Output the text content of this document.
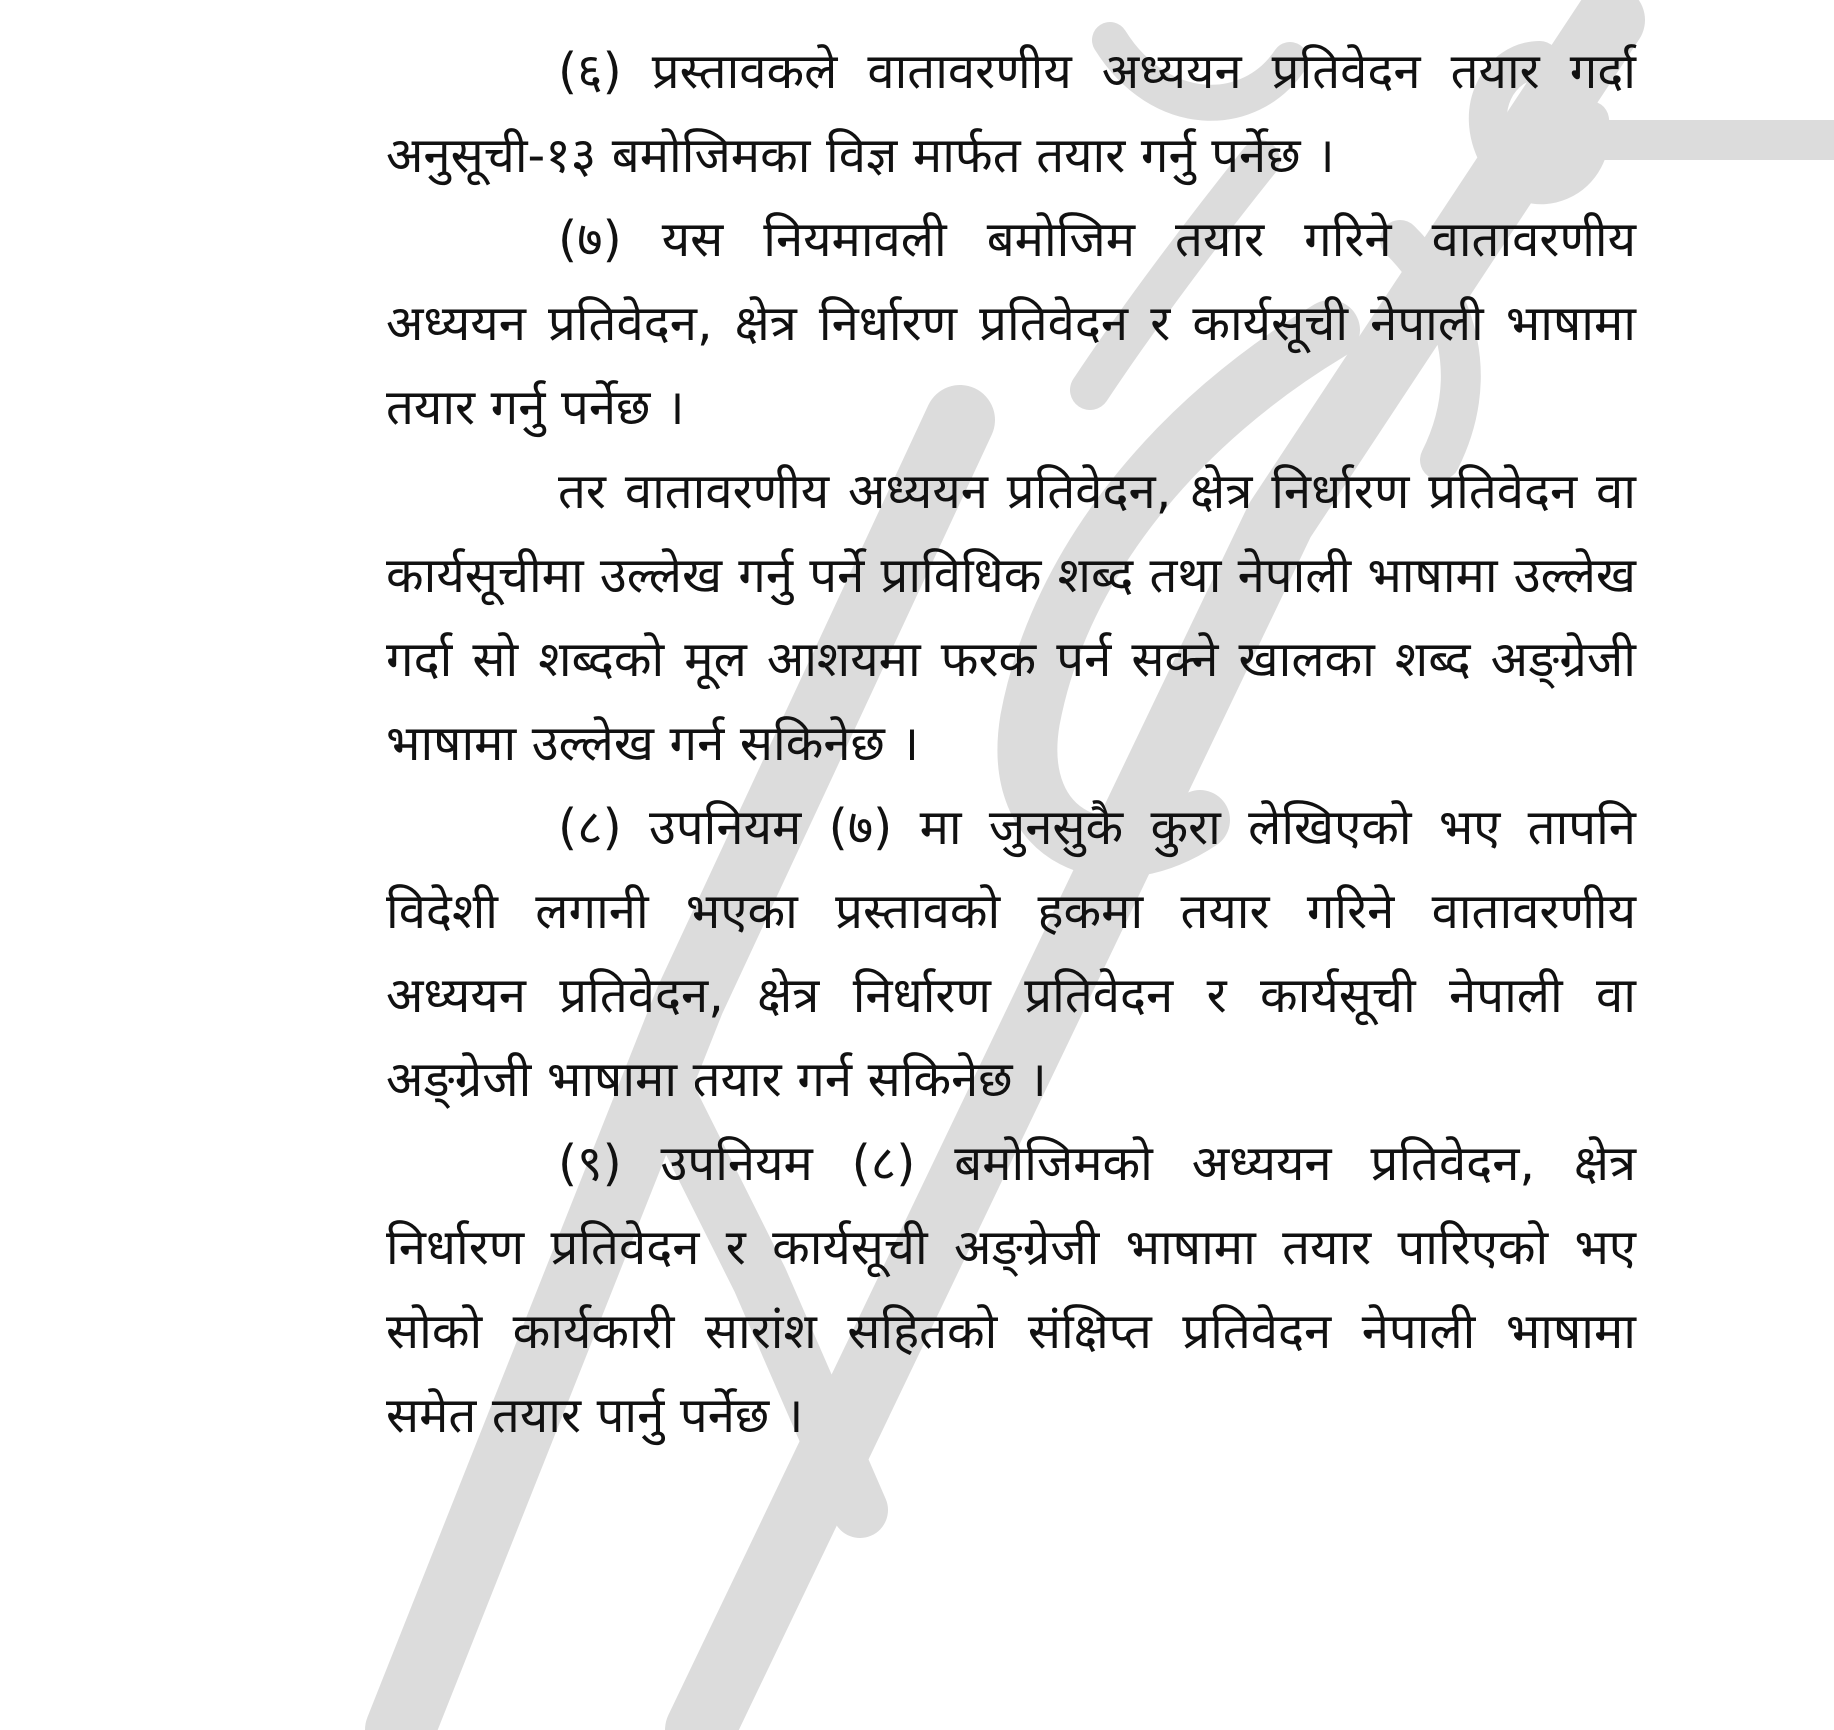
(६) प्रस्तावकले वातावरणीय अध्ययन प्रतिवेदन तयार गर्दा अनुसूची-१३ बमोजिमका विज्ञ मार्फत तयार गर्नु पर्नेछ ।

(७) यस नियमावली बमोजिम तयार गरिने वातावरणीय अध्ययन प्रतिवेदन, क्षेत्र निर्धारण प्रतिवेदन र कार्यसूची नेपाली भाषामा तयार गर्नु पर्नेछ ।

तर वातावरणीय अध्ययन प्रतिवेदन, क्षेत्र निर्धारण प्रतिवेदन वा कार्यसूचीमा उल्लेख गर्नु पर्ने प्राविधिक शब्द तथा नेपाली भाषामा उल्लेख गर्दा सो शब्दको मूल आशयमा फरक पर्न सक्ने खालका शब्द अङ्ग्रेजी भाषामा उल्लेख गर्न सकिनेछ ।

(८) उपनियम (७) मा जुनसुकै कुरा लेखिएको भए तापनि विदेशी लगानी भएका प्रस्तावको हकमा तयार गरिने वातावरणीय अध्ययन प्रतिवेदन, क्षेत्र निर्धारण प्रतिवेदन र कार्यसूची नेपाली वा अङ्ग्रेजी भाषामा तयार गर्न सकिनेछ ।

(९) उपनियम (८) बमोजिमको अध्ययन प्रतिवेदन, क्षेत्र निर्धारण प्रतिवेदन र कार्यसूची अङ्ग्रेजी भाषामा तयार पारिएको भए सोको कार्यकारी सारांश सहितको संक्षिप्त प्रतिवेदन नेपाली भाषामा समेत तयार पार्नु पर्नेछ ।
